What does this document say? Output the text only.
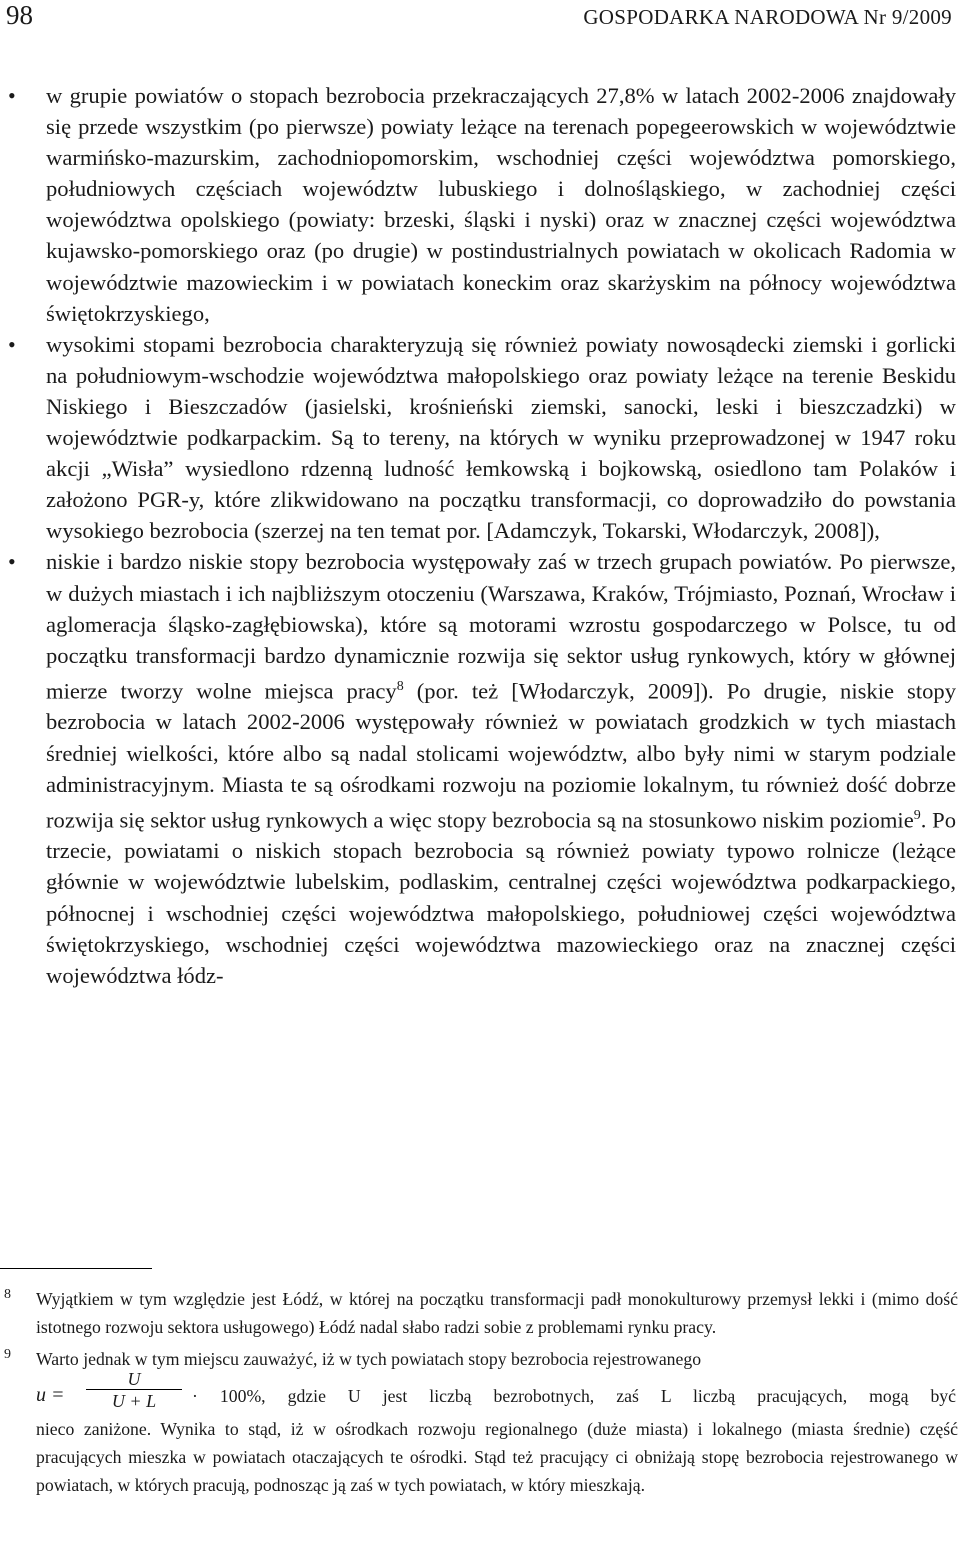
98	GOSPODARKA NARODOWA Nr 9/2009
• w grupie powiatów o stopach bezrobocia przekraczających 27,8% w latach 2002-2006 znajdowały się przede wszystkim (po pierwsze) powiaty leżące na terenach popegeerowskich w województwie warmińsko-mazurskim, zachodniopomorskim, wschodniej części województwa pomorskiego, południowych częściach województw lubuskiego i dolnośląskiego, w zachodniej części województwa opolskiego (powiaty: brzeski, śląski i nyski) oraz w znacznej części województwa kujawsko-pomorskiego oraz (po drugie) w postindustrialnych powiatach w okolicach Radomia w województwie mazowieckim i w powiatach koneckim oraz skarżyskim na północy województwa świętokrzyskiego,
• wysokimi stopami bezrobocia charakteryzują się również powiaty nowosądecki ziemski i gorlicki na południowym-wschodzie województwa małopolskiego oraz powiaty leżące na terenie Beskidu Niskiego i Bieszczadów (jasielski, krośnieński ziemski, sanocki, leski i bieszczadzki) w województwie podkarpackim. Są to tereny, na których w wyniku przeprowadzonej w 1947 roku akcji „Wisła” wysiedlono rdzenną ludność łemkowską i bojkowską, osiedlono tam Polaków i założono PGR-y, które zlikwidowano na początku transformacji, co doprowadziło do powstania wysokiego bezrobocia (szerzej na ten temat por. [Adamczyk, Tokarski, Włodarczyk, 2008]),
• niskie i bardzo niskie stopy bezrobocia występowały zaś w trzech grupach powiatów. Po pierwsze, w dużych miastach i ich najbliższym otoczeniu (Warszawa, Kraków, Trójmiasto, Poznań, Wrocław i aglomeracja śląsko-zagłębiowska), które są motorami wzrostu gospodarczego w Polsce, tu od początku transformacji bardzo dynamicznie rozwija się sektor usług rynkowych, który w głównej mierze tworzy wolne miejsca pracy$^8$ (por. też [Włodarczyk, 2009]). Po drugie, niskie stopy bezrobocia w latach 2002-2006 występowały również w powiatach grodzkich w tych miastach średniej wielkości, które albo są nadal stolicami województw, albo były nimi w starym podziale administracyjnym. Miasta te są ośrodkami rozwoju na poziomie lokalnym, tu również dość dobrze rozwija się sektor usług rynkowych a więc stopy bezrobocia są na stosunkowo niskim poziomie$^9$. Po trzecie, powiatami o niskich stopach bezrobocia są również powiaty typowo rolnicze (leżące głównie w województwie lubelskim, podlaskim, centralnej części województwa podkarpackiego, północnej i wschodniej części województwa małopolskiego, południowej części województwa świętokrzyskiego, wschodniej części województwa mazowieckiego oraz na znacznej części województwa łódz-
8 Wyjątkiem w tym względzie jest Łódź, w której na początku transformacji padł monokulturowy przemysł lekki i (mimo dość istotnego rozwoju sektora usługowego) Łódź nadal słabo radzi sobie z problemami rynku pracy.
9 Warto jednak w tym miejscu zauważyć, iż w tych powiatach stopy bezrobocia rejestrowanego
u =
U
U + L	· 100%, gdzie U jest liczbą bezrobotnych, zaś L liczbą pracujących, mogą być
nieco zaniżone. Wynika to stąd, iż w ośrodkach rozwoju regionalnego (duże miasta) i lokalnego (miasta średnie) część pracujących mieszka w powiatach otaczających te ośrodki. Stąd też pracujący ci obniżają stopę bezrobocia rejestrowanego w powiatach, w których pracują, podnosząc ją zaś w tych powiatach, w który mieszkają.
